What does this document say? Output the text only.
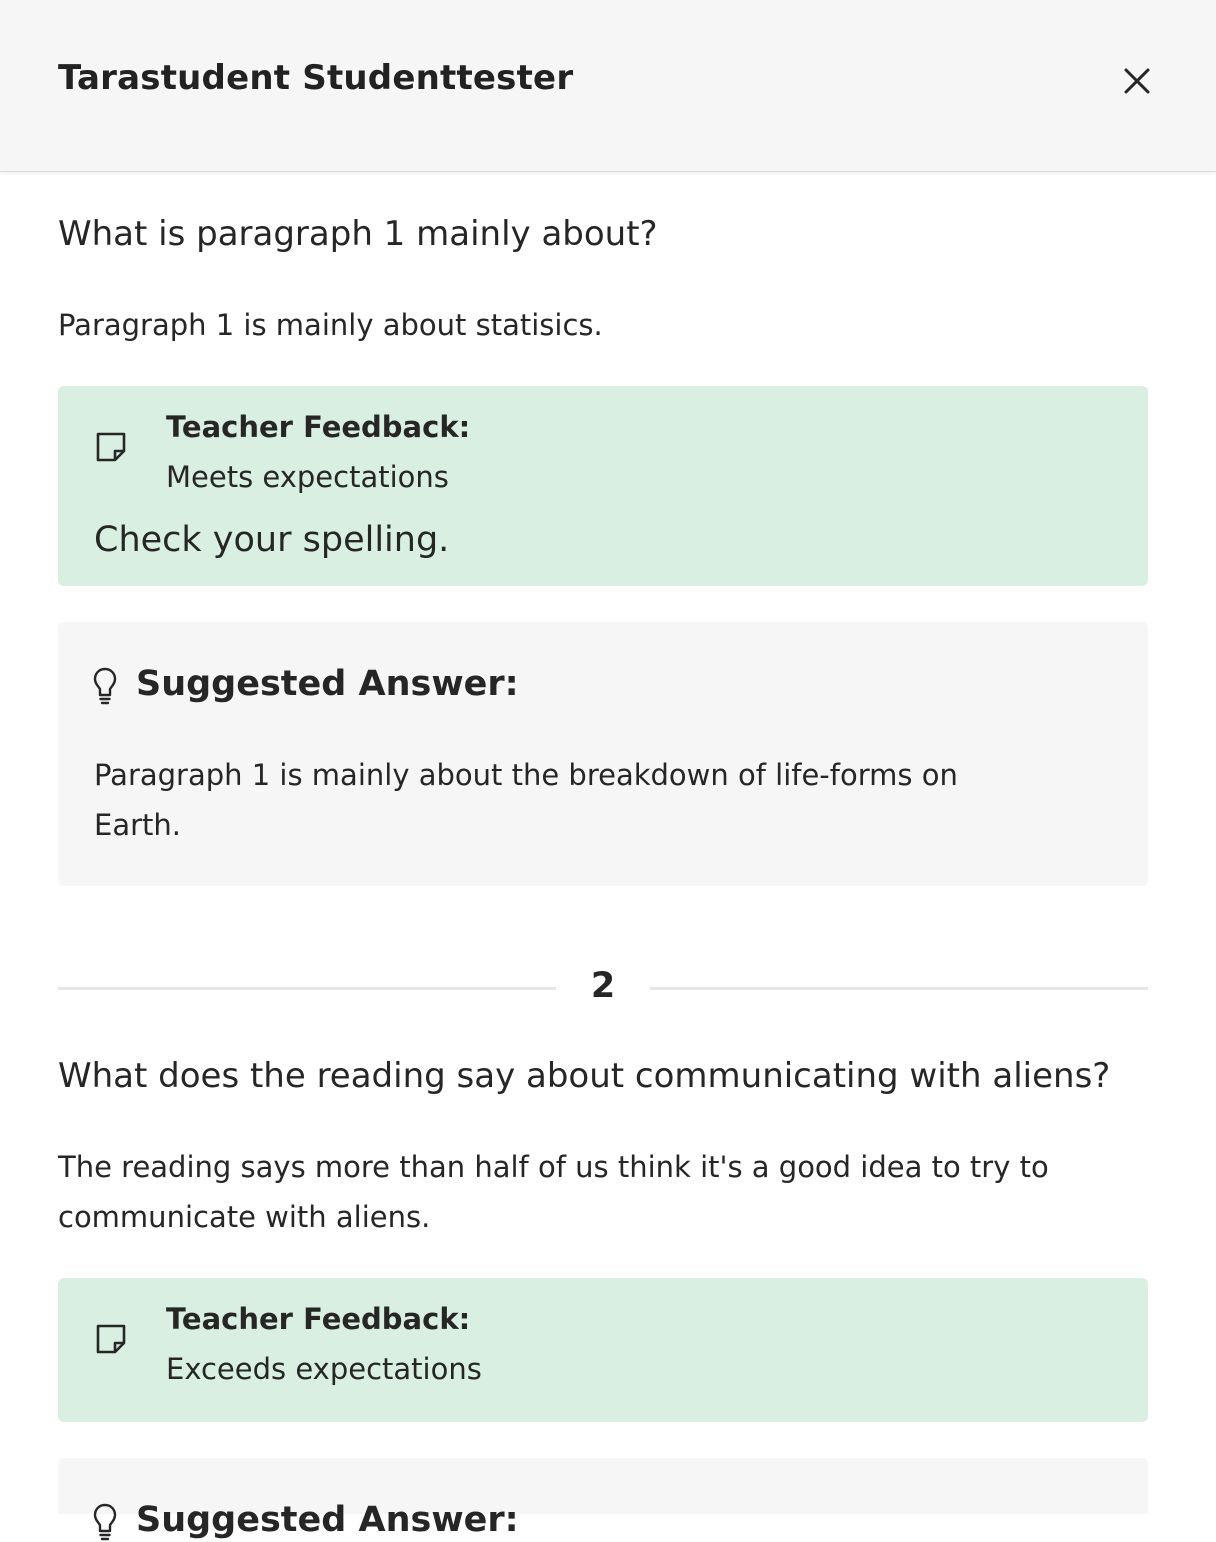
Tarastudent Studenttester
What is paragraph 1 mainly about?
Paragraph 1 is mainly about statisics.
Teacher Feedback:
Meets expectations
Check your spelling.
Suggested Answer:
Paragraph 1 is mainly about the breakdown of life-forms on Earth.
2
What does the reading say about communicating with aliens?
The reading says more than half of us think it's a good idea to try to communicate with aliens.
Teacher Feedback:
Exceeds expectations
Suggested Answer:
